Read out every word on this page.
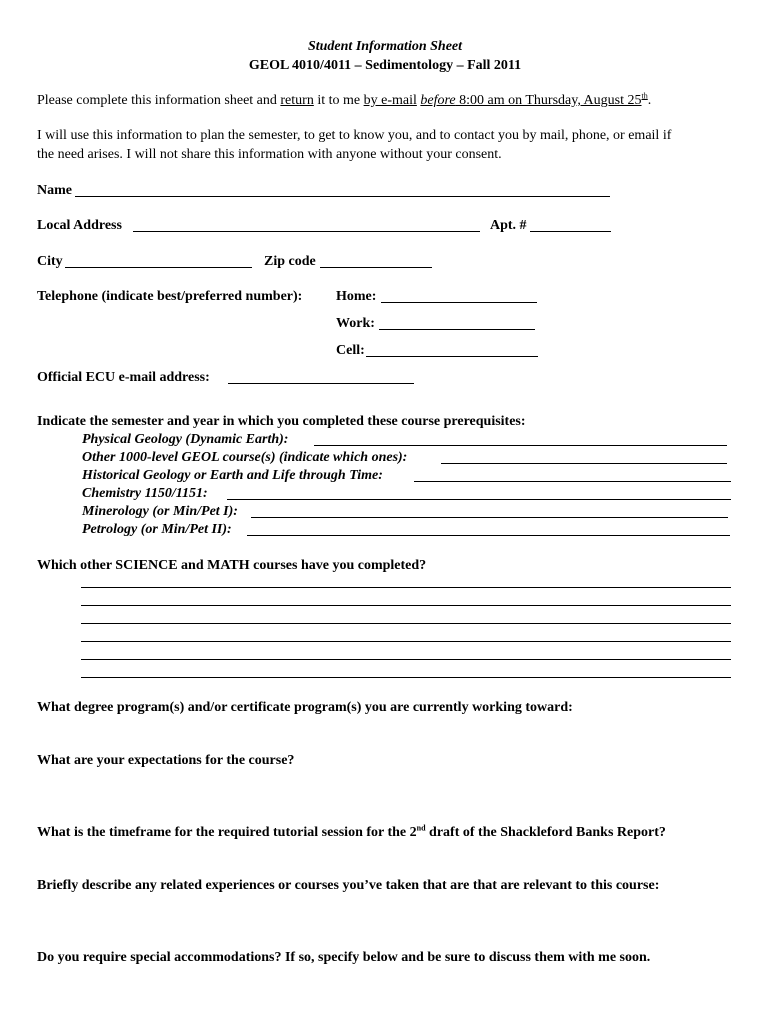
Student Information Sheet
GEOL 4010/4011 – Sedimentology – Fall 2011
Please complete this information sheet and return it to me by e-mail before 8:00 am on Thursday, August 25th.
I will use this information to plan the semester, to get to know you, and to contact you by mail, phone, or email if
the need arises. I will not share this information with anyone without your consent.
Name
Local Address	Apt. #
City	Zip code
Telephone (indicate best/preferred number): Home:
Work:
Cell:
Official ECU e-mail address:
Indicate the semester and year in which you completed these course prerequisites:
Physical Geology (Dynamic Earth):
Other 1000-level GEOL course(s) (indicate which ones):
Historical Geology or Earth and Life through Time:
Chemistry 1150/1151:
Minerology (or Min/Pet I):
Petrology (or Min/Pet II):
Which other SCIENCE and MATH courses have you completed?
What degree program(s) and/or certificate program(s) you are currently working toward:
What are your expectations for the course?
What is the timeframe for the required tutorial session for the 2nd draft of the Shackleford Banks Report?
Briefly describe any related experiences or courses you’ve taken that are that are relevant to this course:
Do you require special accommodations? If so, specify below and be sure to discuss them with me soon.
